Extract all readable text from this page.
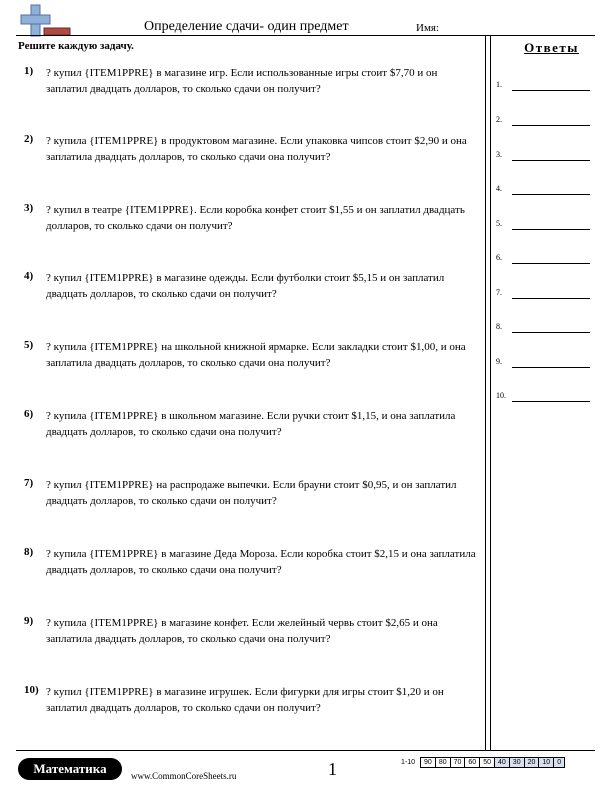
Определение сдачи- один предмет	Имя:
Решите каждую задачу.
1) ? купил {ITEM1PPRE} в магазине игр. Если использованные игры стоит $7,70 и он заплатил двадцать долларов, то сколько сдачи он получит?
2) ? купила {ITEM1PPRE} в продуктовом магазине. Если упаковка чипсов стоит $2,90 и она заплатила двадцать долларов, то сколько сдачи она получит?
3) ? купил в театре {ITEM1PPRE}. Если коробка конфет стоит $1,55 и он заплатил двадцать долларов, то сколько сдачи он получит?
4) ? купил {ITEM1PPRE} в магазине одежды. Если футболки стоит $5,15 и он заплатил двадцать долларов, то сколько сдачи он получит?
5) ? купила {ITEM1PPRE} на школьной книжной ярмарке. Если закладки стоит $1,00, и она заплатила двадцать долларов, то сколько сдачи она получит?
6) ? купила {ITEM1PPRE} в школьном магазине. Если ручки стоит $1,15, и она заплатила двадцать долларов, то сколько сдачи она получит?
7) ? купил {ITEM1PPRE} на распродаже выпечки. Если брауни стоит $0,95, и он заплатил двадцать долларов, то сколько сдачи он получит?
8) ? купила {ITEM1PPRE} в магазине Деда Мороза. Если коробка стоит $2,15 и она заплатила двадцать долларов, то сколько сдачи она получит?
9) ? купила {ITEM1PPRE} в магазине конфет. Если желейный червь стоит $2,65 и она заплатила двадцать долларов, то сколько сдачи она получит?
10) ? купил {ITEM1PPRE} в магазине игрушек. Если фигурки для игры стоит $1,20 и он заплатил двадцать долларов, то сколько сдачи он получит?
Ответы
1.
2.
3.
4.
5.
6.
7.
8.
9.
10.
Математика	www.CommonCoreSheets.ru	1	1-10	90	80	70	60	50	40	30	20	10	0
